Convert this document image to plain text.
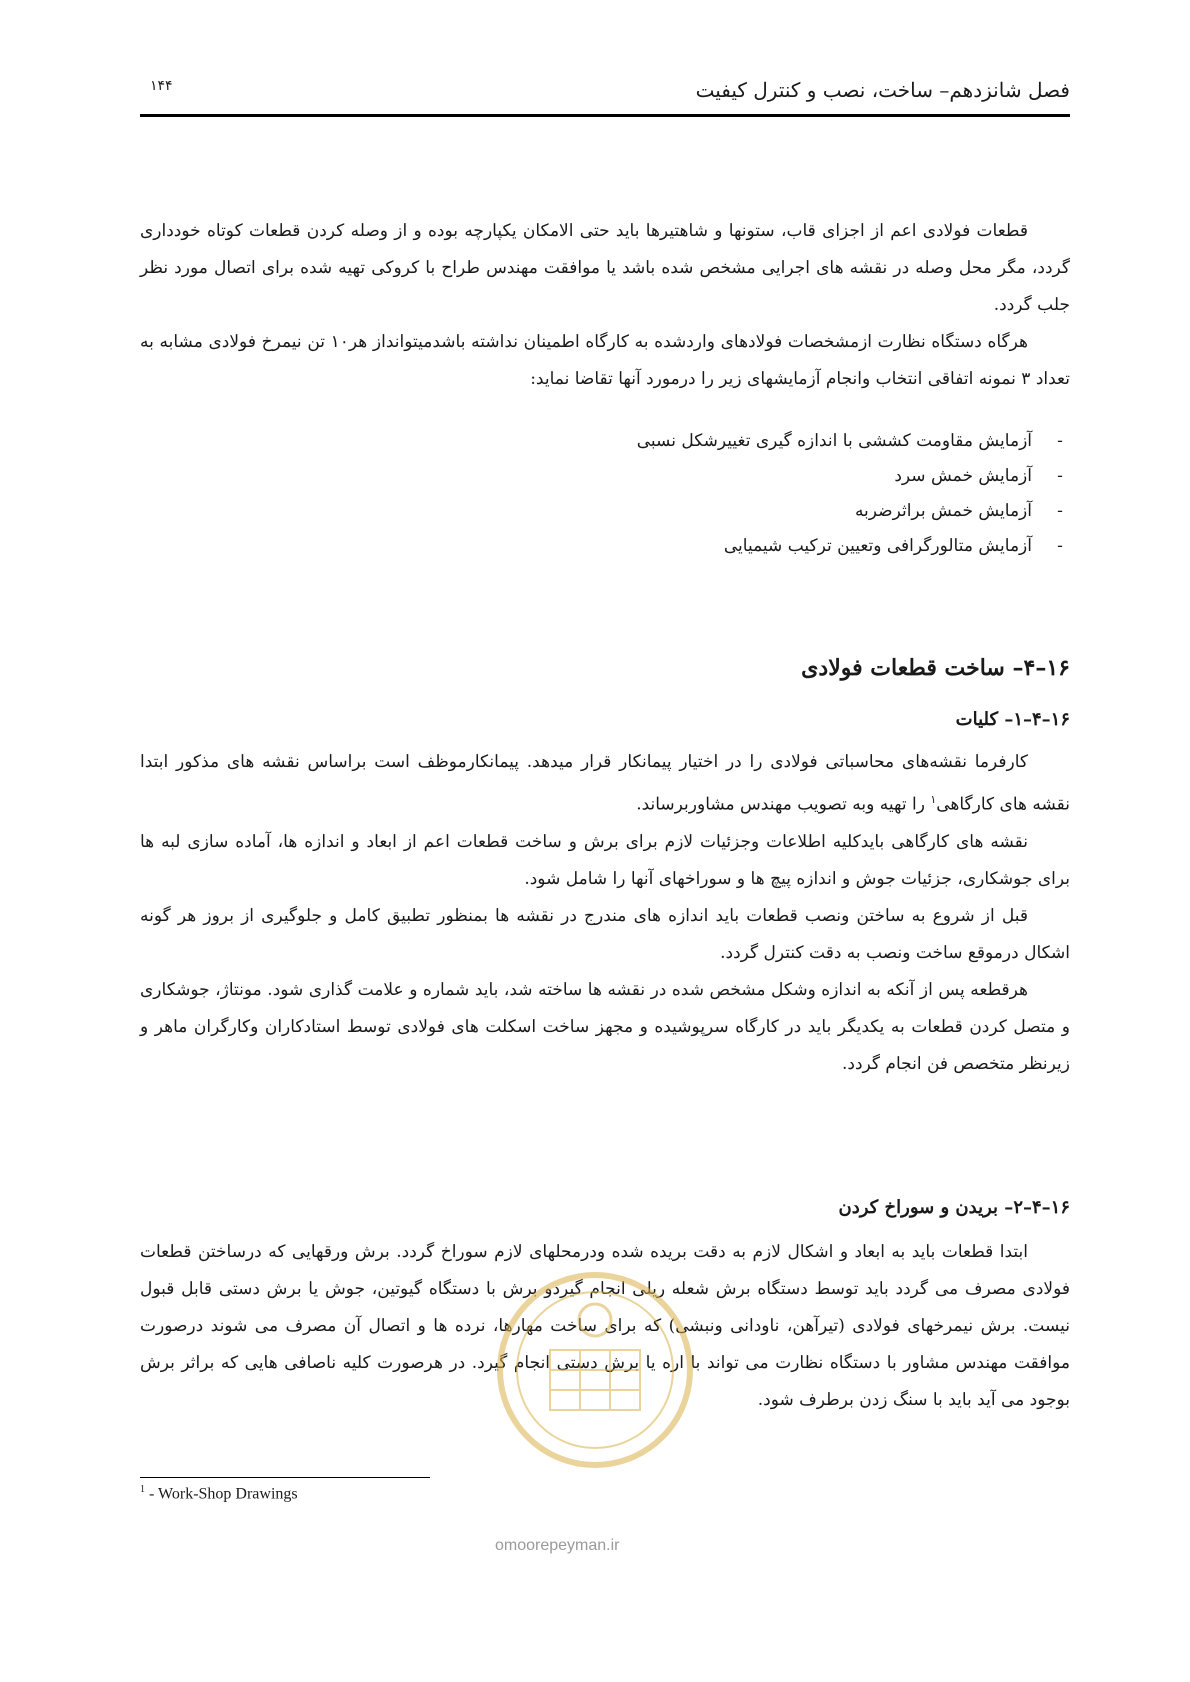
فصل شانزدهم– ساخت، نصب و کنترل کیفیت
۱۴۴

قطعات فولادی اعم از اجزای قاب، ستونها و شاهتیرها باید حتی الامکان یکپارچه بوده و از وصله کردن قطعات کوتاه خودداری گردد، مگر محل وصله در نقشه های اجرایی مشخص شده باشد یا موافقت مهندس طراح با کروکی تهیه شده برای اتصال مورد نظر جلب گردد.

هرگاه دستگاه نظارت ازمشخصات فولادهای واردشده به کارگاه اطمینان نداشته باشدمیتوانداز هر۱۰ تن نیمرخ فولادی مشابه به تعداد ۳ نمونه اتفاقی انتخاب وانجام آزمایشهای زیر را درمورد آنها تقاضا نماید:

-
آزمایش مقاومت کششی با اندازه گیری تغییرشکل نسبی
-
آزمایش خمش سرد
-
آزمایش خمش براثرضربه
-
آزمایش متالورگرافی وتعیین ترکیب شیمیایی
۱۶–۴– ساخت قطعات فولادی
۱۶–۴–۱– کلیات

کارفرما نقشه‌های محاسباتی فولادی را در اختیار پیمانکار قرار میدهد. پیمانکارموظف است براساس نقشه های مذکور ابتدا نقشه های کارگاهی$^۱$ را تهیه وبه تصویب مهندس مشاوربرساند.

نقشه های کارگاهی بایدکلیه اطلاعات وجزئیات لازم برای برش و ساخت قطعات اعم از ابعاد و اندازه ها، آماده سازی لبه ها برای جوشکاری، جزئیات جوش و اندازه پیچ ها و سوراخهای آنها را شامل شود.

قبل از شروع به ساختن ونصب قطعات باید اندازه های مندرج در نقشه ها بمنظور تطبیق کامل و جلوگیری از بروز هر گونه اشکال درموقع ساخت ونصب به دقت کنترل گردد.

هرقطعه پس از آنکه به اندازه وشکل مشخص شده در نقشه ها ساخته شد، باید شماره و علامت گذاری شود. مونتاژ، جوشکاری و متصل کردن قطعات به یکدیگر باید در کارگاه سرپوشیده و مجهز ساخت اسکلت های فولادی توسط استادکاران وکارگران ماهر و زیرنظر متخصص فن انجام گردد.

۱۶–۴–۲– بریدن و سوراخ کردن

ابتدا قطعات باید به ابعاد و اشکال لازم به دقت بریده شده ودرمحلهای لازم سوراخ گردد. برش ورقهایی که درساختن قطعات فولادی مصرف می گردد باید توسط دستگاه برش شعله ریلی انجام گیردو برش با دستگاه گیوتین، جوش یا برش دستی قابل قبول نیست. برش نیمرخهای فولادی (تیرآهن، ناودانی ونبشی) که برای ساخت مهارها، نرده ها و اتصال آن مصرف می شوند درصورت موافقت مهندس مشاور با دستگاه نظارت می تواند با اره یا برش دستی انجام گیرد. در هرصورت کلیه ناصافی هایی که براثر برش بوجود می آید باید با سنگ زدن برطرف شود.

omoorepeyman.ir
$^1$ - Work-Shop Drawings
